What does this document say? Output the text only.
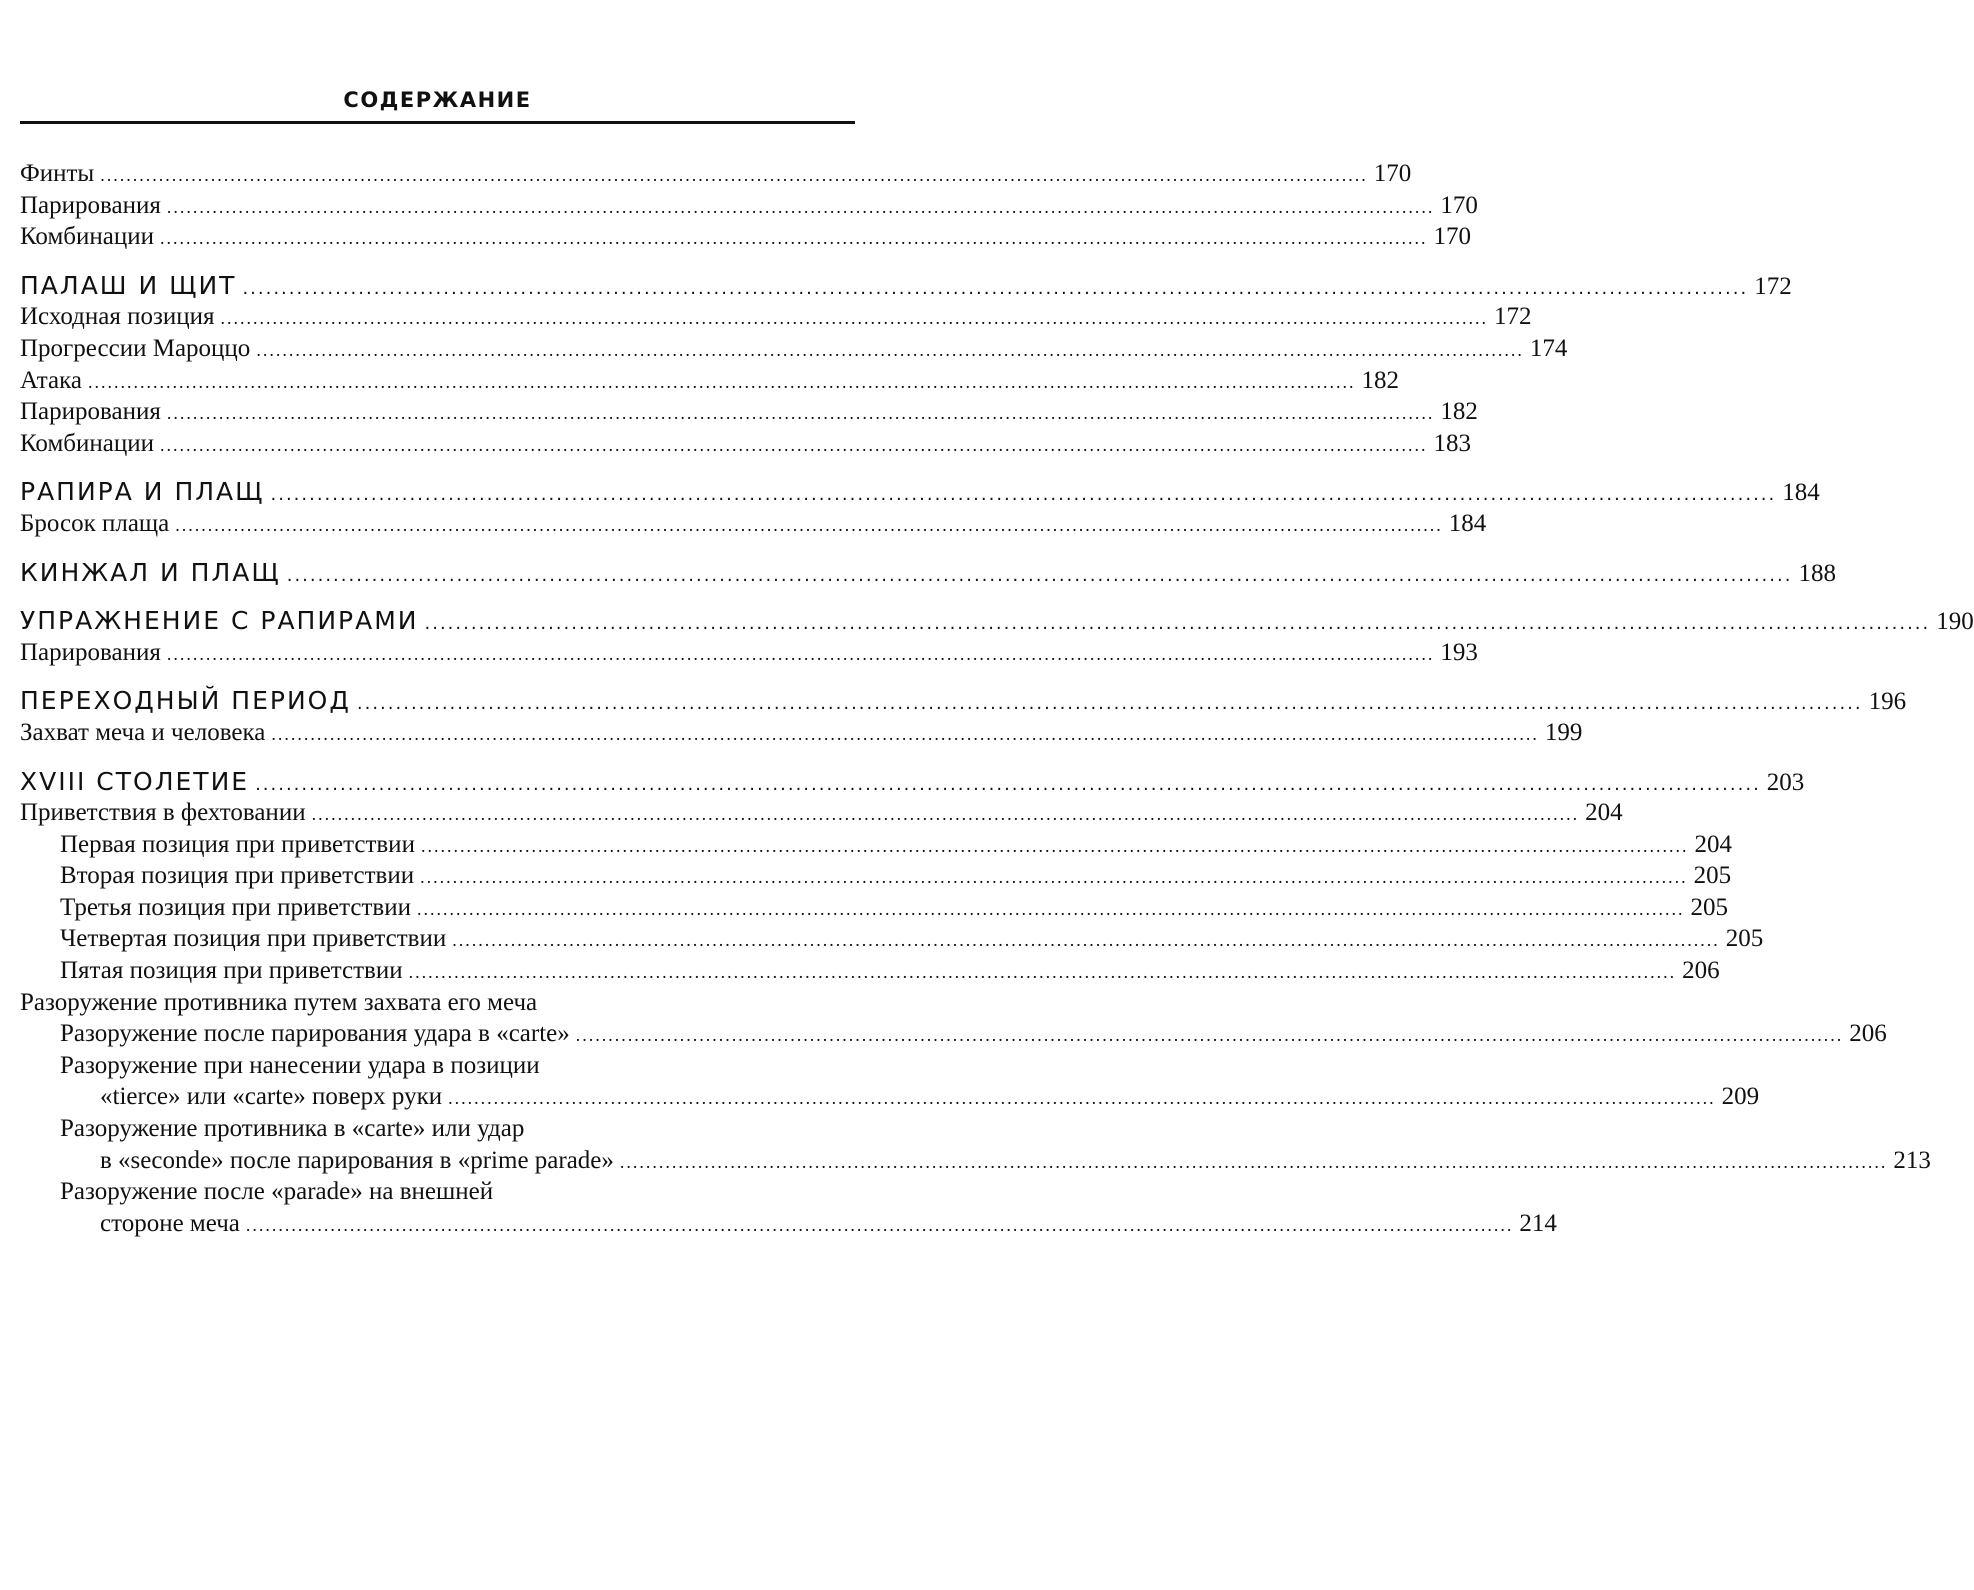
СОДЕРЖАНИЕ
Финты ................................................................................................................................................................................................... 170
Парирования ................................................................................................................................................................................................... 170
Комбинации ................................................................................................................................................................................................... 170
ПАЛАШ И ЩИТ ................................................................................................................................................................................................... 172
Исходная позиция ................................................................................................................................................................................................... 172
Прогрессии Мароццо ................................................................................................................................................................................................... 174
Атака ................................................................................................................................................................................................... 182
Парирования ................................................................................................................................................................................................... 182
Комбинации ................................................................................................................................................................................................... 183
РАПИРА И ПЛАЩ ................................................................................................................................................................................................... 184
Бросок плаща ................................................................................................................................................................................................... 184
КИНЖАЛ И ПЛАЩ ................................................................................................................................................................................................... 188
УПРАЖНЕНИЕ С РАПИРАМИ ................................................................................................................................................................................................... 190
Парирования ................................................................................................................................................................................................... 193
ПЕРЕХОДНЫЙ ПЕРИОД ................................................................................................................................................................................................... 196
Захват меча и человека ................................................................................................................................................................................................... 199
XVIII СТОЛЕТИЕ ................................................................................................................................................................................................... 203
Приветствия в фехтовании ................................................................................................................................................................................................... 204
Первая позиция при приветствии ................................................................................................................................................................................................... 204
Вторая позиция при приветствии ................................................................................................................................................................................................... 205
Третья позиция при приветствии ................................................................................................................................................................................................... 205
Четвертая позиция при приветствии ................................................................................................................................................................................................... 205
Пятая позиция при приветствии ................................................................................................................................................................................................... 206
Разоружение противника путем захвата его меча
Разоружение после парирования удара в «carte» ................................................................................................................................................................................................... 206
Разоружение при нанесении удара в позиции
«tierce» или «carte» поверх руки ................................................................................................................................................................................................... 209
Разоружение противника в «carte» или удар
в «seconde» после парирования в «prime parade» ................................................................................................................................................................................................... 213
Разоружение после «parade» на внешней
стороне меча ................................................................................................................................................................................................... 214
